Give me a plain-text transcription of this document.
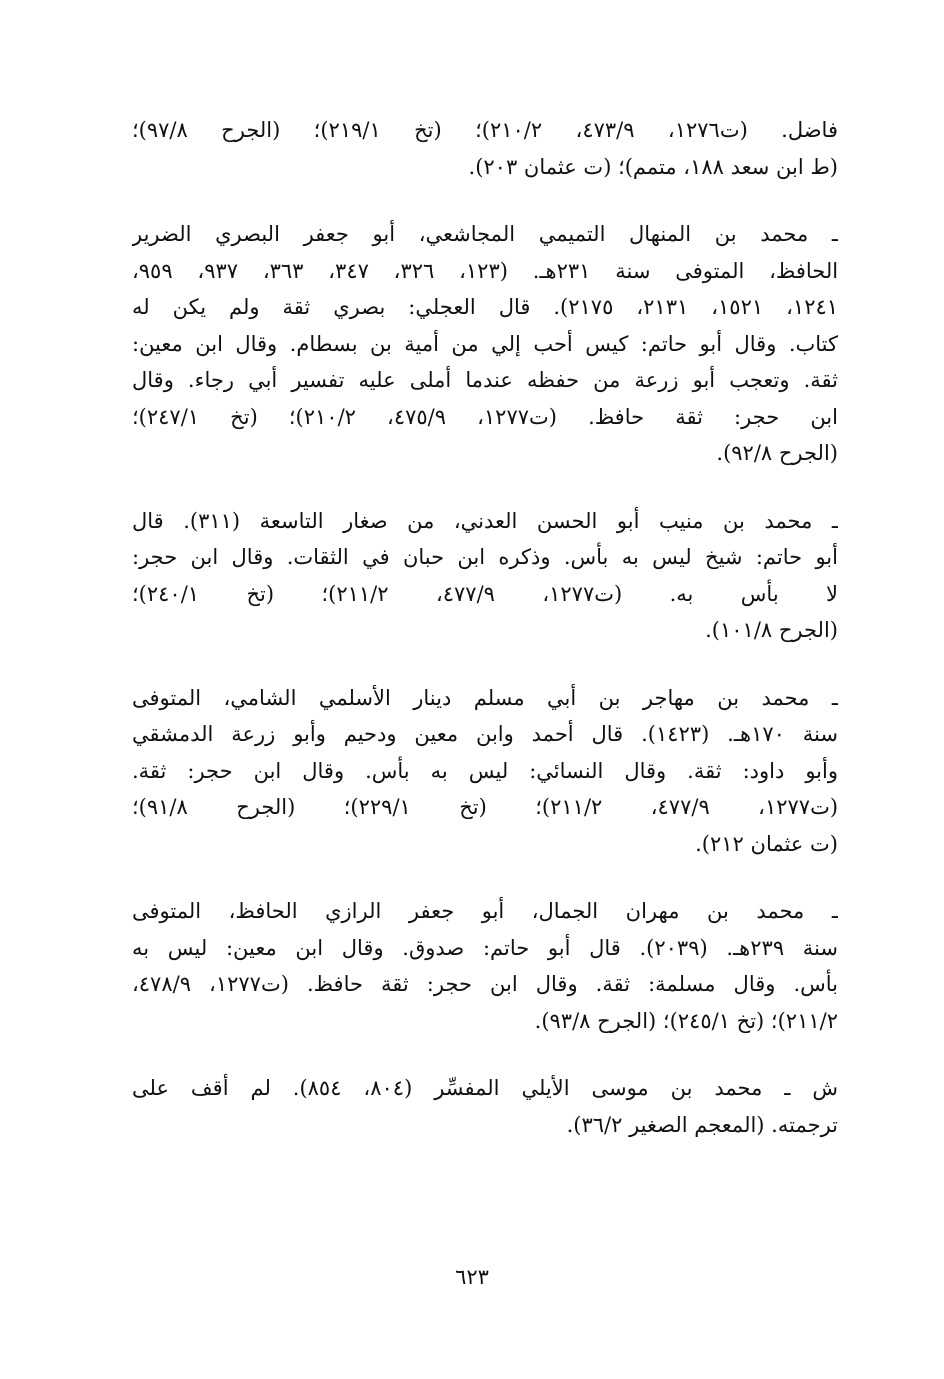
فاضل. (ت١٢٧٦، ٤٧٣/٩، ٢١٠/٢)؛ (تخ ٢١٩/١)؛ (الجرح ٩٧/٨)؛
(ط ابن سعد ١٨٨، متمم)؛ (ت عثمان ٢٠٣).
ـ محمد بن المنهال التميمي المجاشعي، أبو جعفر البصري الضرير
الحافظ، المتوفى سنة ٢٣١هـ. (١٢٣، ٣٢٦، ٣٤٧، ٣٦٣، ٩٣٧، ٩٥٩،
١٢٤١، ١٥٢١، ٢١٣١، ٢١٧٥). قال العجلي: بصري ثقة ولم يكن له
كتاب. وقال أبو حاتم: كيس أحب إلي من أمية بن بسطام. وقال ابن معين:
ثقة. وتعجب أبو زرعة من حفظه عندما أملى عليه تفسير أبي رجاء. وقال
ابن حجر: ثقة حافظ. (ت١٢٧٧، ٤٧٥/٩، ٢١٠/٢)؛ (تخ ٢٤٧/١)؛
(الجرح ٩٢/٨).
ـ محمد بن منيب أبو الحسن العدني، من صغار التاسعة (٣١١). قال
أبو حاتم: شيخ ليس به بأس. وذكره ابن حبان في الثقات. وقال ابن حجر:
لا بأس به. (ت١٢٧٧، ٤٧٧/٩، ٢١١/٢)؛ (تخ ٢٤٠/١)؛
(الجرح ١٠١/٨).
ـ محمد بن مهاجر بن أبي مسلم دينار الأسلمي الشامي، المتوفى
سنة ١٧٠هـ. (١٤٢٣). قال أحمد وابن معين ودحيم وأبو زرعة الدمشقي
وأبو داود: ثقة. وقال النسائي: ليس به بأس. وقال ابن حجر: ثقة.
(ت١٢٧٧، ٤٧٧/٩، ٢١١/٢)؛ (تخ ٢٢٩/١)؛ (الجرح ٩١/٨)؛
(ت عثمان ٢١٢).
ـ محمد بن مهران الجمال، أبو جعفر الرازي الحافظ، المتوفى
سنة ٢٣٩هـ. (٢٠٣٩). قال أبو حاتم: صدوق. وقال ابن معين: ليس به
بأس. وقال مسلمة: ثقة. وقال ابن حجر: ثقة حافظ. (ت١٢٧٧، ٤٧٨/٩،
٢١١/٢)؛ (تخ ٢٤٥/١)؛ (الجرح ٩٣/٨).
ش ـ محمد بن موسى الأيلي المفسِّر (٨٠٤، ٨٥٤). لم أقف على
ترجمته. (المعجم الصغير ٣٦/٢).
٦٢٣
